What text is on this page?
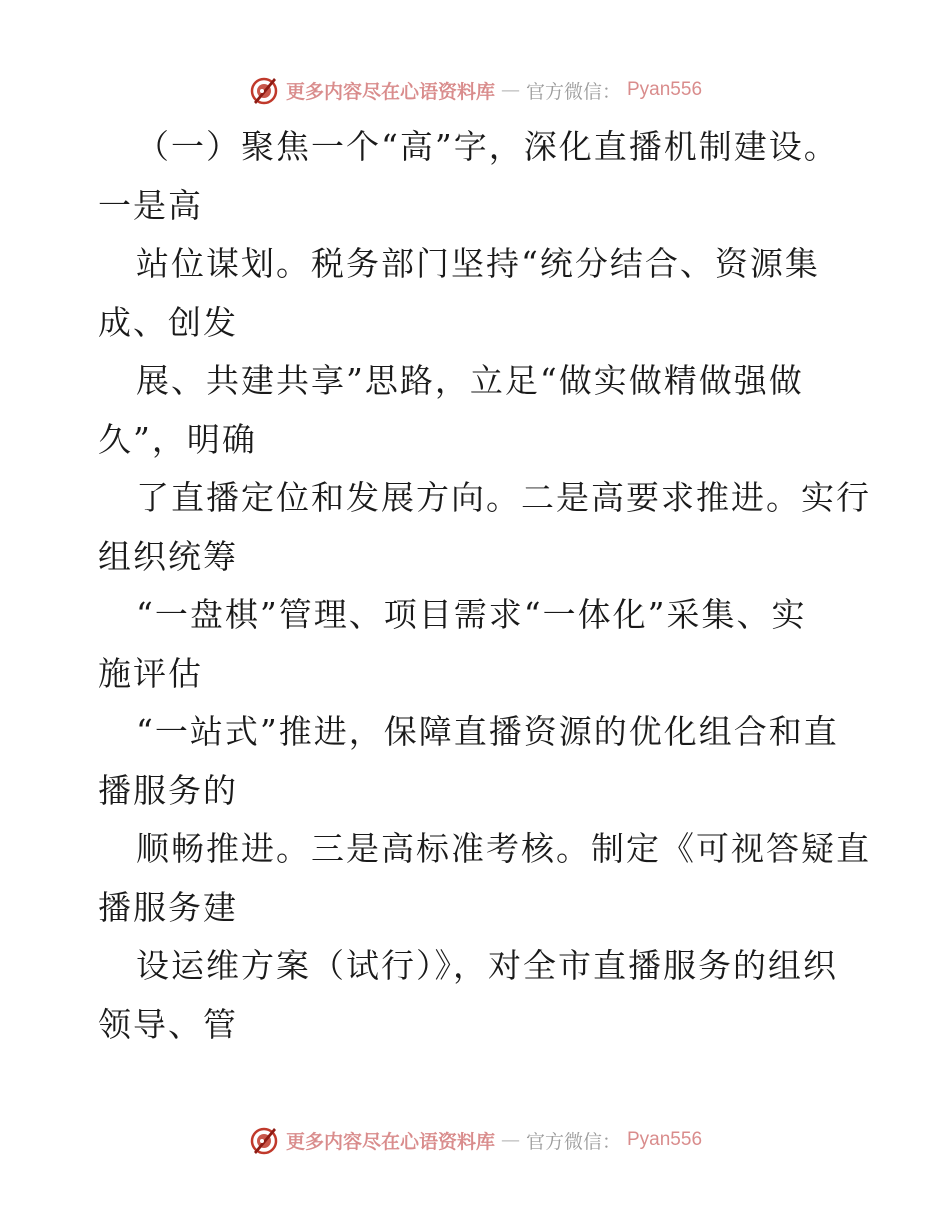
更多内容尽在心语资料库 — 官方微信： Pyan556
（一）聚焦一个“高”字，深化直播机制建设。
一是高
站位谋划。税务部门坚持“统分结合、资源集
成、创发
展、共建共享”思路，立足“做实做精做强做
久”，明确
了直播定位和发展方向。二是高要求推进。实行
组织统筹
“一盘棋”管理、项目需求“一体化”采集、实
施评估
“一站式”推进，保障直播资源的优化组合和直
播服务的
顺畅推进。三是高标准考核。制定《可视答疑直
播服务建
设运维方案（试行）》，对全市直播服务的组织
领导、管
更多内容尽在心语资料库 — 官方微信： Pyan556
